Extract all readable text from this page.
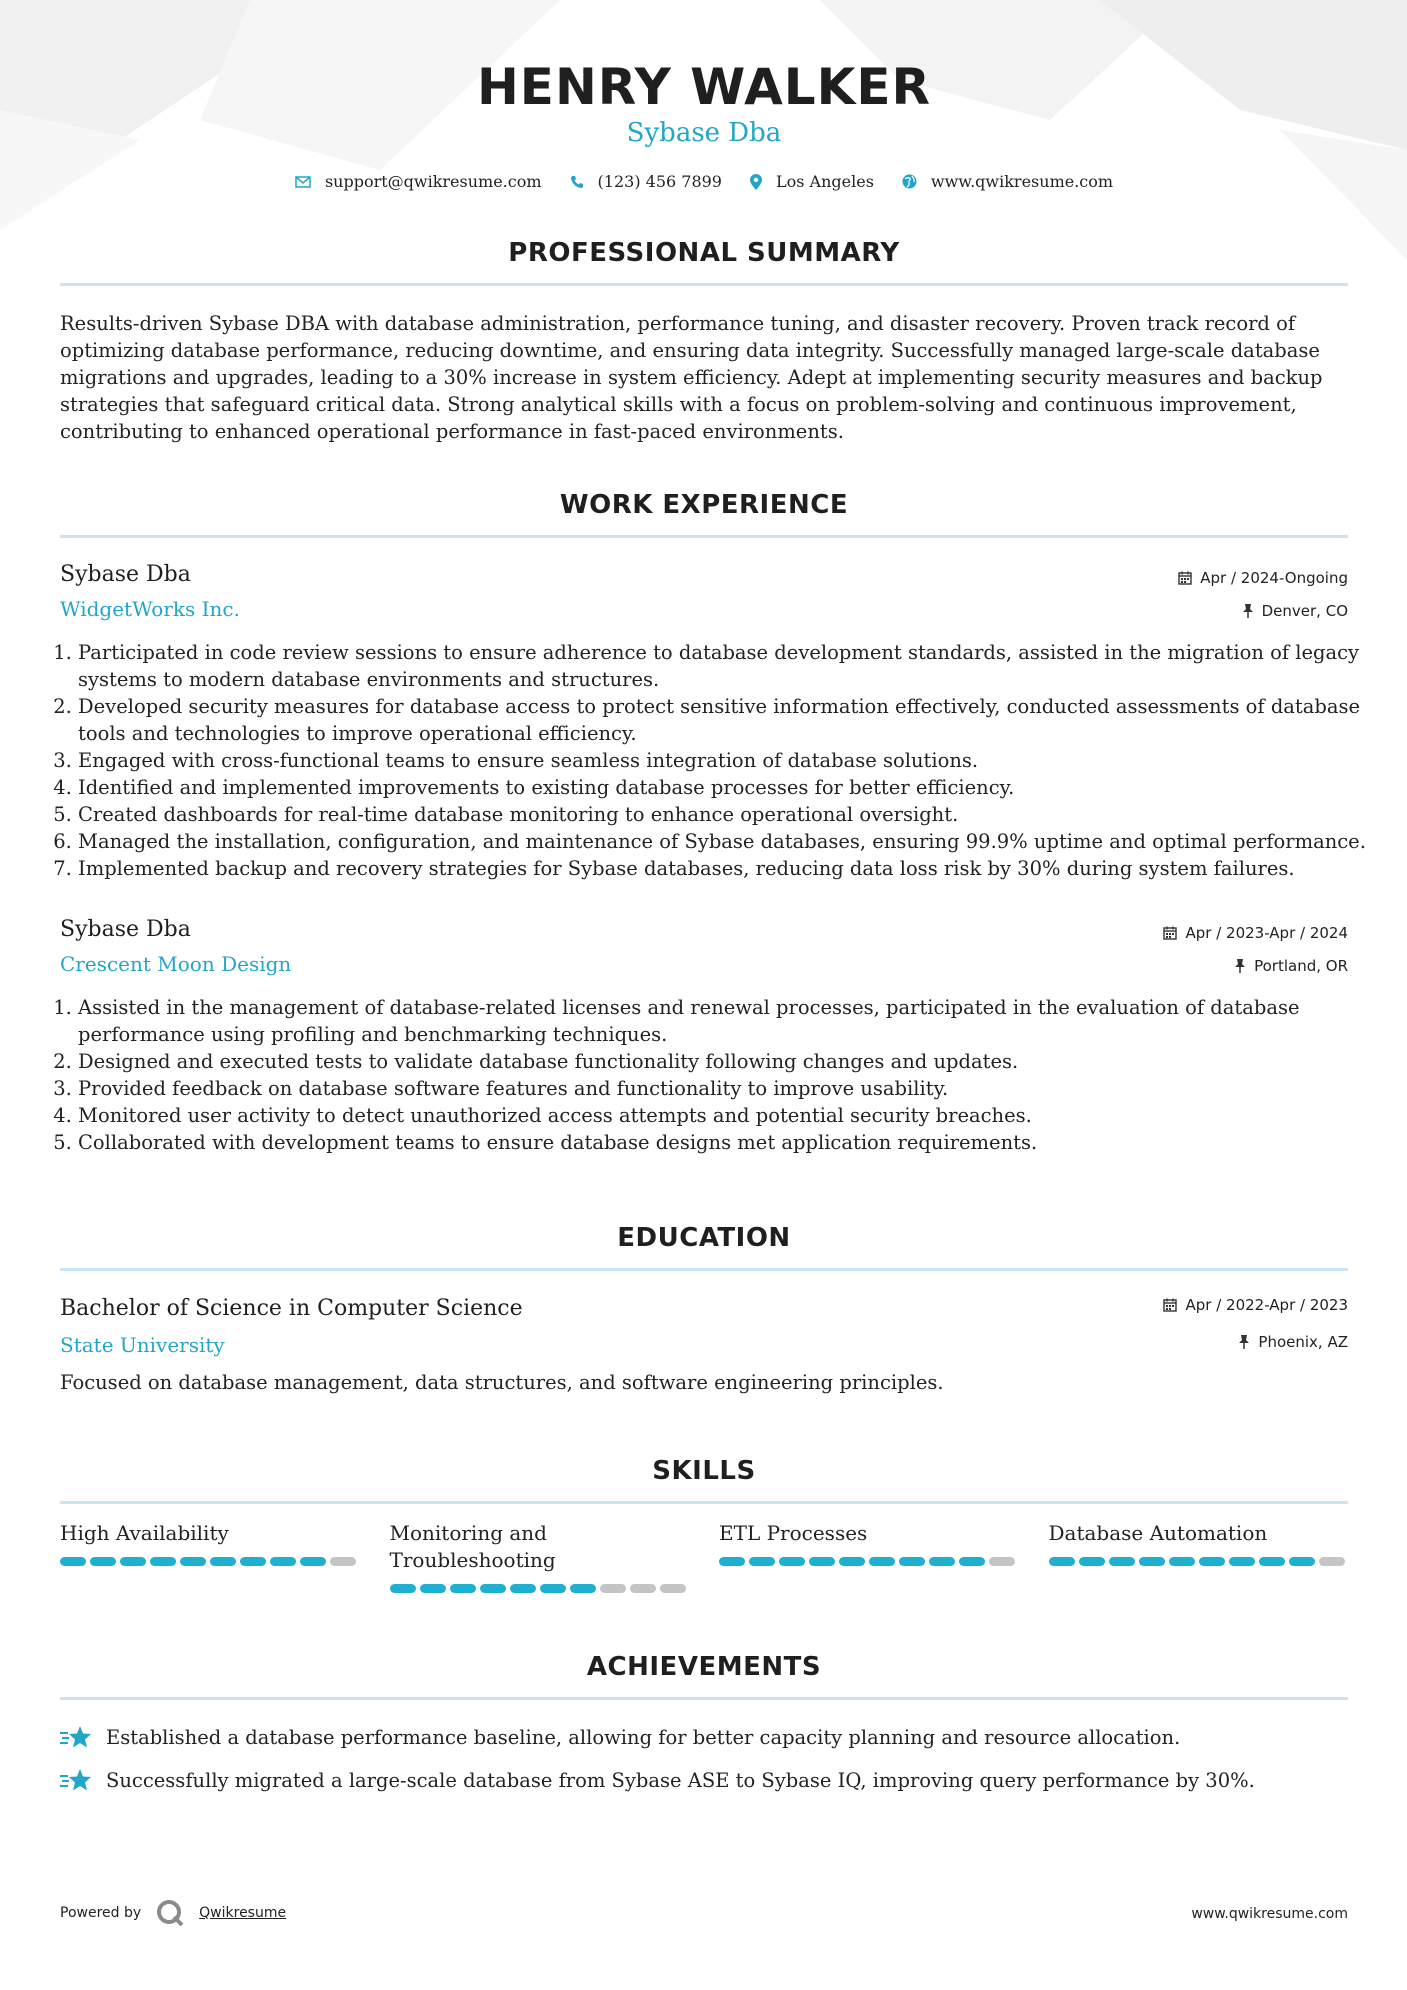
HENRY WALKER
Sybase Dba
support@qwikresume.com	(123) 456 7899	Los Angeles	www.qwikresume.com
PROFESSIONAL SUMMARY
Results-driven Sybase DBA with database administration, performance tuning, and disaster recovery. Proven track record of optimizing database performance, reducing downtime, and ensuring data integrity. Successfully managed large-scale database migrations and upgrades, leading to a 30% increase in system efficiency. Adept at implementing security measures and backup strategies that safeguard critical data. Strong analytical skills with a focus on problem-solving and continuous improvement, contributing to enhanced operational performance in fast-paced environments.
WORK EXPERIENCE
Sybase Dba
WidgetWorks Inc.
Apr / 2024-Ongoing
Denver, CO
1. Participated in code review sessions to ensure adherence to database development standards, assisted in the migration of legacy systems to modern database environments and structures.
2. Developed security measures for database access to protect sensitive information effectively, conducted assessments of database tools and technologies to improve operational efficiency.
3. Engaged with cross-functional teams to ensure seamless integration of database solutions.
4. Identified and implemented improvements to existing database processes for better efficiency.
5. Created dashboards for real-time database monitoring to enhance operational oversight.
6. Managed the installation, configuration, and maintenance of Sybase databases, ensuring 99.9% uptime and optimal performance.
7. Implemented backup and recovery strategies for Sybase databases, reducing data loss risk by 30% during system failures.
Sybase Dba
Crescent Moon Design
Apr / 2023-Apr / 2024
Portland, OR
1. Assisted in the management of database-related licenses and renewal processes, participated in the evaluation of database performance using profiling and benchmarking techniques.
2. Designed and executed tests to validate database functionality following changes and updates.
3. Provided feedback on database software features and functionality to improve usability.
4. Monitored user activity to detect unauthorized access attempts and potential security breaches.
5. Collaborated with development teams to ensure database designs met application requirements.
EDUCATION
Bachelor of Science in Computer Science
State University
Apr / 2022-Apr / 2023
Phoenix, AZ
Focused on database management, data structures, and software engineering principles.
SKILLS
High Availability	Monitoring and Troubleshooting
ETL Processes	Database Automation
ACHIEVEMENTS
Established a database performance baseline, allowing for better capacity planning and resource allocation.
Successfully migrated a large-scale database from Sybase ASE to Sybase IQ, improving query performance by 30%.
Powered by	Qwikresume	www.qwikresume.com
